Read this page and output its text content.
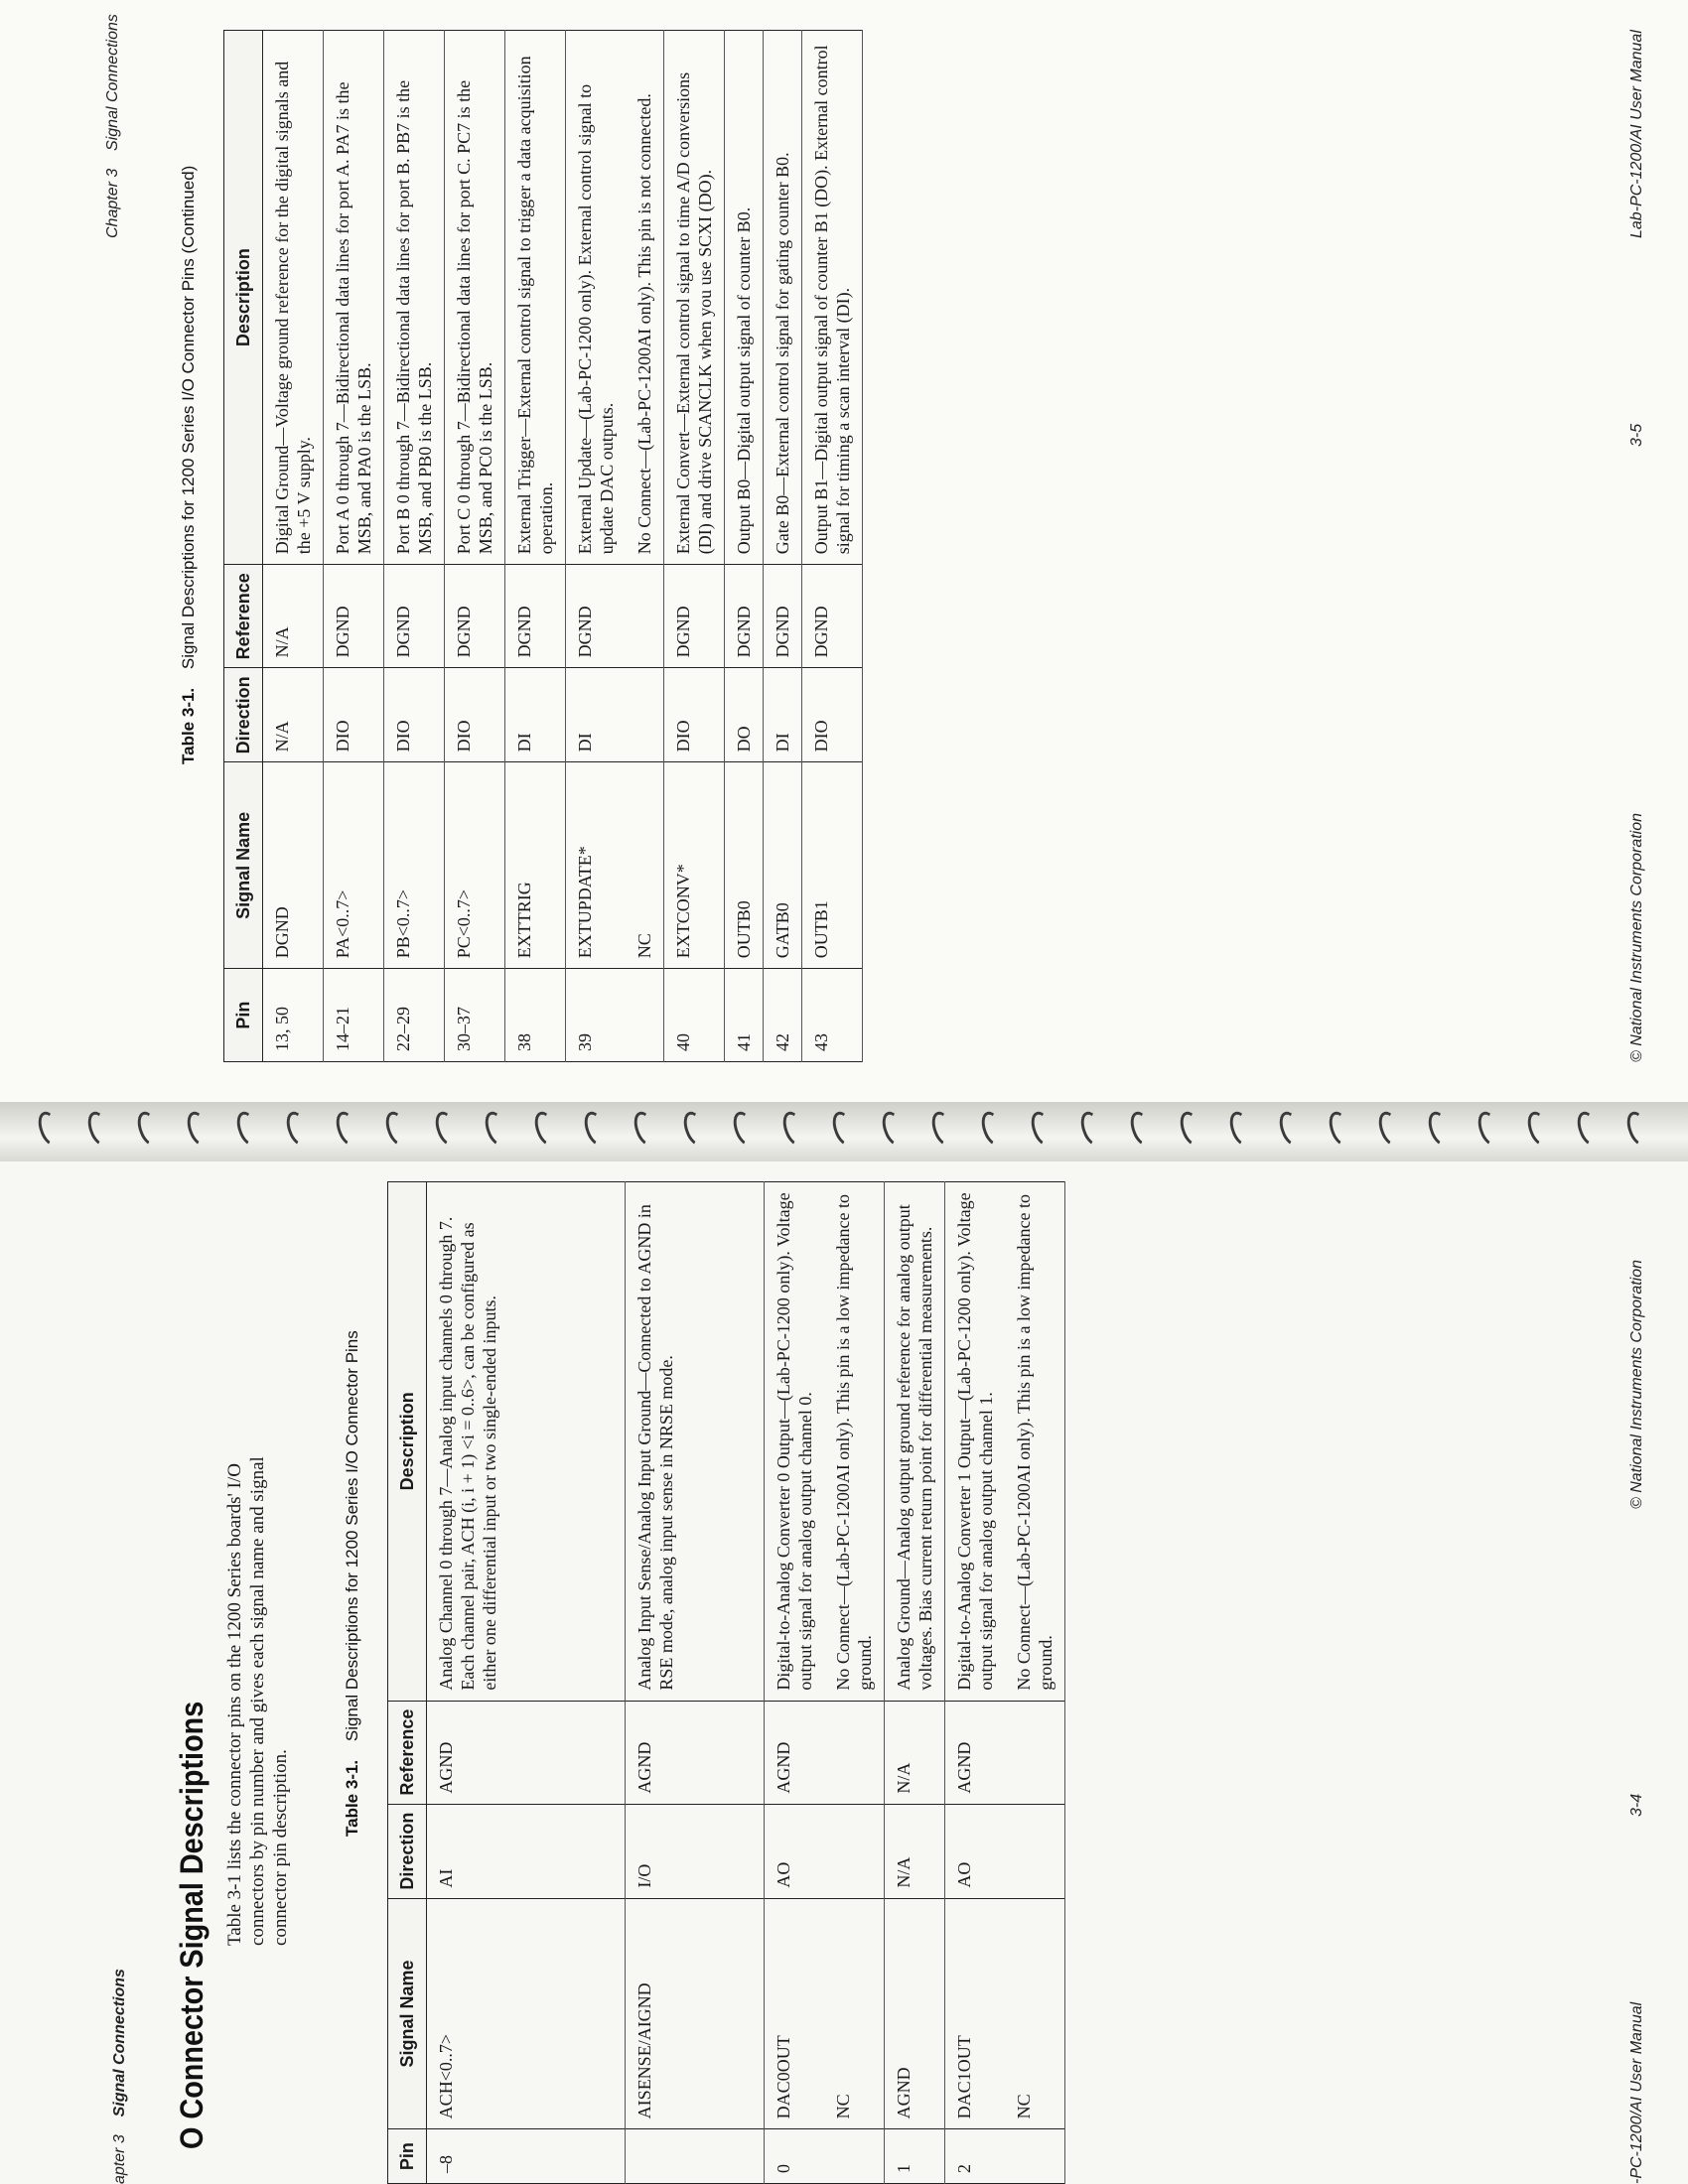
apter 3    Signal Connections O Connector Signal Descriptions Table 3-1 lists the connector pins on the 1200 Series boards' I/O connectors by pin number and gives each signal name and signal connector pin description.	Table 3-1. Signal Descriptions for 1200 Series I/O Connector Pins
Pin	Signal Name	Direction	Reference	Description
–8	ACH<0..7>	AI	AGND	Analog Channel 0 through 7—Analog input channels 0 through 7. Each channel pair, ACH (i, i + 1) <i = 0..6>, can be configured as either one differential input or two single-ended inputs.
	AISENSE/AIGND	I/O	AGND	Analog Input Sense/Analog Input Ground—Connected to AGND in RSE mode, analog input sense in NRSE mode.
0	DAC0OUT	AO	AGND	Digital-to-Analog Converter 0 Output—(Lab-PC-1200 only). Voltage output signal for analog output channel 0.
	NC			No Connect—(Lab-PC-1200AI only). This pin is a low impedance to ground.
1	AGND	N/A	N/A	Analog Ground—Analog output ground reference for analog output voltages. Bias current return point for differential measurements.
2	DAC1OUT	AO	AGND	Digital-to-Analog Converter 1 Output—(Lab-PC-1200 only). Voltage output signal for analog output channel 1.
	NC			No Connect—(Lab-PC-1200AI only). This pin is a low impedance to ground.
-PC-1200/AI User Manual
3-4
© National Instruments Corporation
Chapter 3    Signal Connections
Table 3-1. Signal Descriptions for 1200 Series I/O Connector Pins (Continued)
Pin	Signal Name	Direction	Reference	Description
13, 50	DGND	N/A	N/A	Digital Ground—Voltage ground reference for the digital signals and the +5 V supply.
14–21	PA<0..7>	DIO	DGND	Port A 0 through 7—Bidirectional data lines for port A. PA7 is the MSB, and PA0 is the LSB.
22–29	PB<0..7>	DIO	DGND	Port B 0 through 7—Bidirectional data lines for port B. PB7 is the MSB, and PB0 is the LSB.
30–37	PC<0..7>	DIO	DGND	Port C 0 through 7—Bidirectional data lines for port C. PC7 is the MSB, and PC0 is the LSB.
38	EXTTRIG	DI	DGND	External Trigger—External control signal to trigger a data acquisition operation.
39	EXTUPDATE*	DI	DGND	External Update—(Lab-PC-1200 only). External control signal to update DAC outputs.
	NC			No Connect—(Lab-PC-1200AI only). This pin is not connected.
40	EXTCONV*	DIO	DGND	External Convert—External control signal to time A/D conversions (DI) and drive SCANCLK when you use SCXI (DO).
41	OUTB0	DO	DGND	Output B0—Digital output signal of counter B0.
42	GATB0	DI	DGND	Gate B0—External control signal for gating counter B0.
43	OUTB1	DIO	DGND	Output B1—Digital output signal of counter B1 (DO). External control signal for timing a scan interval (DI).
© National Instruments Corporation
3-5
Lab-PC-1200/AI User Manual
